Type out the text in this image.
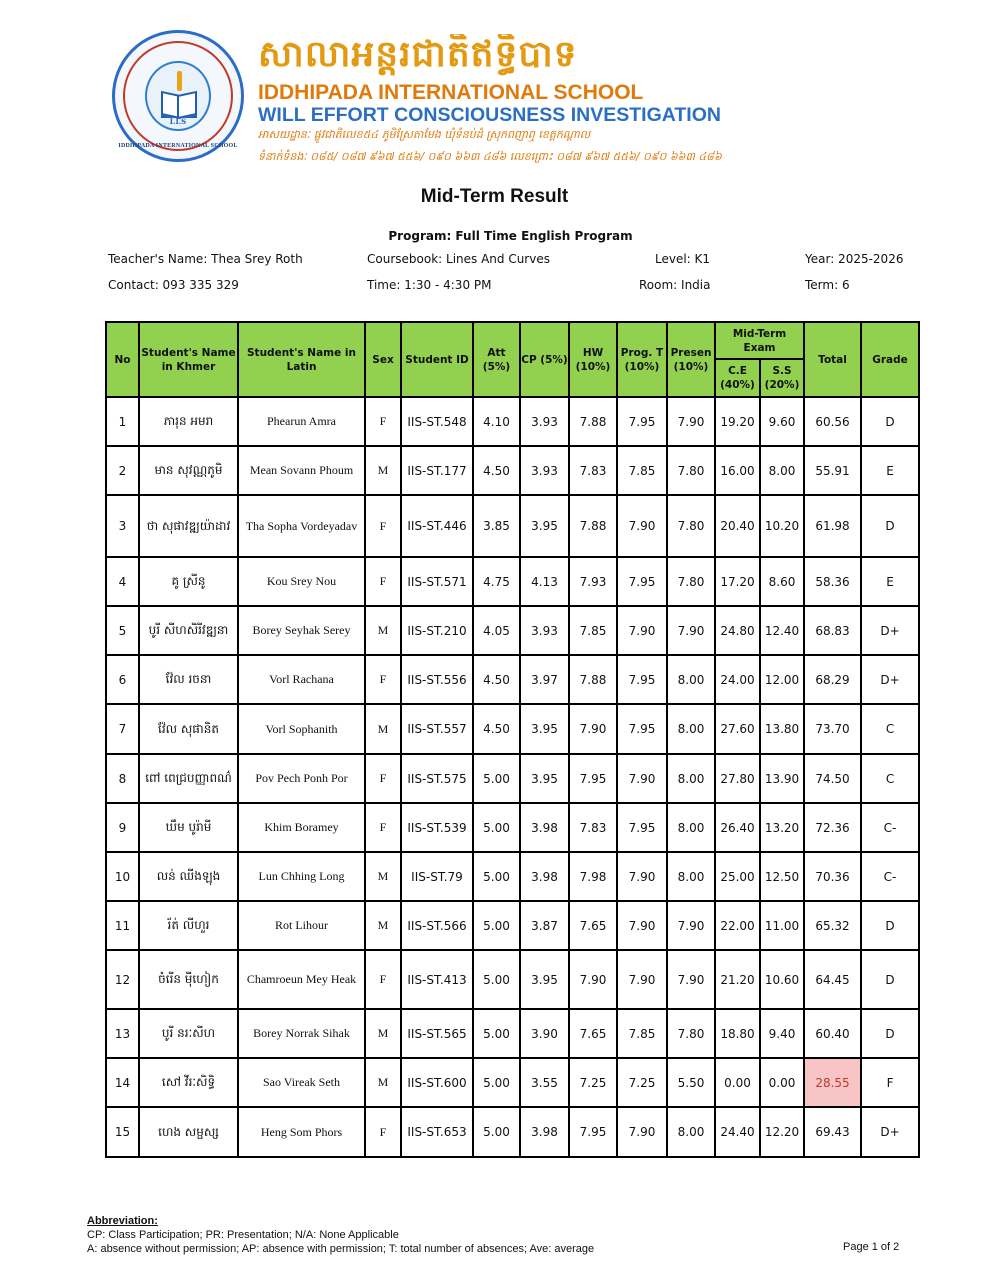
I.I.S
IDDHIPADA INTERNATIONAL SCHOOL
សាលាអន្តរជាតិឥទ្ធិបាទ
IDDHIPADA INTERNATIONAL SCHOOL
WILL EFFORT CONSCIOUSNESS INVESTIGATION
អាសយដ្ឋានៈ ផ្លូវជាតិលេខ៥៤ ភូមិស្រែតាមែង ឃុំទំនប់ដំ ស្រុកពញាឮ ខេត្តកណ្តាល
ទំនាក់ទំនងៈ ០៨៥/ ០៨៧ ៩៦៧ ៥៥៦/ ០៩០ ៦៦៣ ៤៨៦ លេខព្រោះ ០៨៧ ៩៦៧ ៥៥៦/ ០៩០ ៦៦៣ ៤៨៦
Mid-Term Result
Program: Full Time English Program
Teacher's Name: Thea Srey Roth	Coursebook: Lines And Curves	Level: K1	Year: 2025-2026
Contact: 093 335 329	Time: 1:30 - 4:30 PM	Room: India	Term: 6
No	Student's Name in Khmer	Student's Name in Latin	Sex	Student ID	Att (5%)	CP (5%)	HW (10%)	Prog. T (10%)	Presen (10%)	Mid-Term Exam		Total	Grade
										C.E (40%)	S.S (20%)		
1	ភារុន អមរា	Phearun Amra	F	IIS-ST.548	4.10	3.93	7.88	7.95	7.90	19.20	9.60	60.56	D
2	មាន សុវណ្ណភូមិ	Mean Sovann Phoum	M	IIS-ST.177	4.50	3.93	7.83	7.85	7.80	16.00	8.00	55.91	E
3	ថា សុផាវឌ្ឍយ៉ាដាវ	Tha Sopha Vordeyadav	F	IIS-ST.446	3.85	3.95	7.88	7.90	7.80	20.40	10.20	61.98	D
4	គូ ស្រីនូ	Kou Srey Nou	F	IIS-ST.571	4.75	4.13	7.93	7.95	7.80	17.20	8.60	58.36	E
5	បូរី សីហសិរីវឌ្ឍនា	Borey Seyhak Serey	M	IIS-ST.210	4.05	3.93	7.85	7.90	7.90	24.80	12.40	68.83	D+
6	វ៉ែល រចនា	Vorl Rachana	F	IIS-ST.556	4.50	3.97	7.88	7.95	8.00	24.00	12.00	68.29	D+
7	វ៉ែល សុផានិត	Vorl Sophanith	M	IIS-ST.557	4.50	3.95	7.90	7.95	8.00	27.60	13.80	73.70	C
8	ពៅ ពេជ្របញ្ញាពណ៌	Pov Pech Ponh Por	F	IIS-ST.575	5.00	3.95	7.95	7.90	8.00	27.80	13.90	74.50	C
9	ឃឹម បូរ៉ាមី	Khim Boramey	F	IIS-ST.539	5.00	3.98	7.83	7.95	8.00	26.40	13.20	72.36	C-
10	លន់ ឈីងឡុង	Lun Chhing Long	M	IIS-ST.79	5.00	3.98	7.98	7.90	8.00	25.00	12.50	70.36	C-
11	រ័ត់ លីហួរ	Rot Lihour	M	IIS-ST.566	5.00	3.87	7.65	7.90	7.90	22.00	11.00	65.32	D
12	ចំរើន មុីហៀក	Chamroeun Mey Heak	F	IIS-ST.413	5.00	3.95	7.90	7.90	7.90	21.20	10.60	64.45	D
13	បូរី នរៈសីហ	Borey Norrak Sihak	M	IIS-ST.565	5.00	3.90	7.65	7.85	7.80	18.80	9.40	60.40	D
14	សៅ វីរៈសិទ្ធិ	Sao Vireak Seth	M	IIS-ST.600	5.00	3.55	7.25	7.25	5.50	0.00	0.00	28.55	F
15	ហេង សម្ផស្ស	Heng Som Phors	F	IIS-ST.653	5.00	3.98	7.95	7.90	8.00	24.40	12.20	69.43	D+
Abbreviation:
CP: Class Participation; PR: Presentation; N/A: None Applicable
A: absence without permission; AP: absence with permission; T: total number of absences; Ave: average	Page 1 of 2
